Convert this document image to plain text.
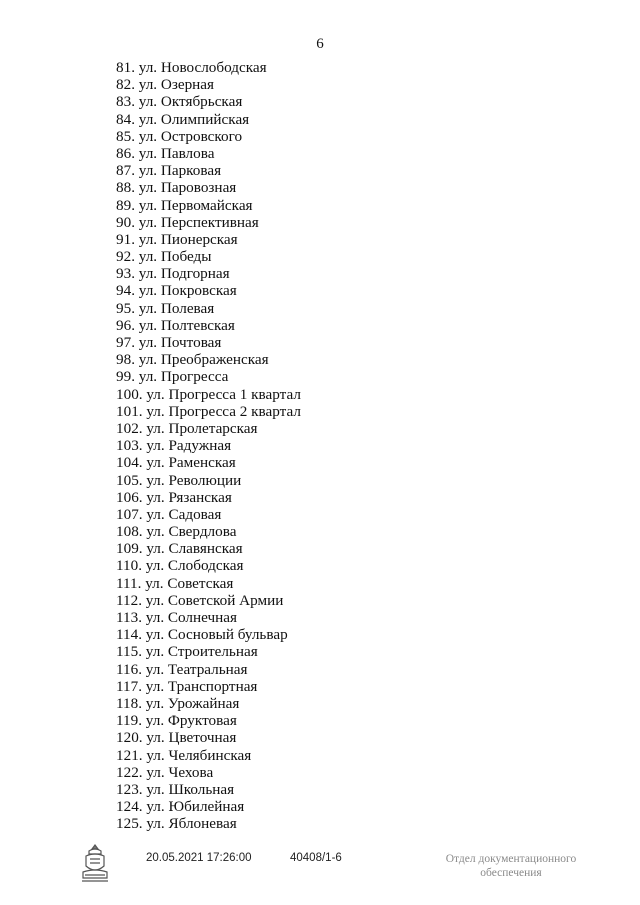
6
81. ул. Новослободская
82. ул. Озерная
83. ул. Октябрьская
84. ул. Олимпийская
85. ул. Островского
86. ул. Павлова
87. ул. Парковая
88. ул. Паровозная
89. ул. Первомайская
90. ул. Перспективная
91. ул. Пионерская
92. ул. Победы
93. ул. Подгорная
94. ул. Покровская
95. ул. Полевая
96. ул. Полтевская
97. ул. Почтовая
98. ул. Преображенская
99. ул. Прогресса
100. ул. Прогресса 1 квартал
101. ул. Прогресса 2 квартал
102. ул. Пролетарская
103. ул. Радужная
104. ул. Раменская
105. ул. Революции
106. ул. Рязанская
107. ул. Садовая
108. ул. Свердлова
109. ул. Славянская
110. ул. Слободская
111. ул. Советская
112. ул. Советской Армии
113. ул. Солнечная
114. ул. Сосновый бульвар
115. ул. Строительная
116. ул. Театральная
117. ул. Транспортная
118. ул. Урожайная
119. ул. Фруктовая
120. ул. Цветочная
121. ул. Челябинская
122. ул. Чехова
123. ул. Школьная
124. ул. Юбилейная
125. ул. Яблоневая
20.05.2021 17:26:00	40408/1-6	Отдел документационного
обеспечения
